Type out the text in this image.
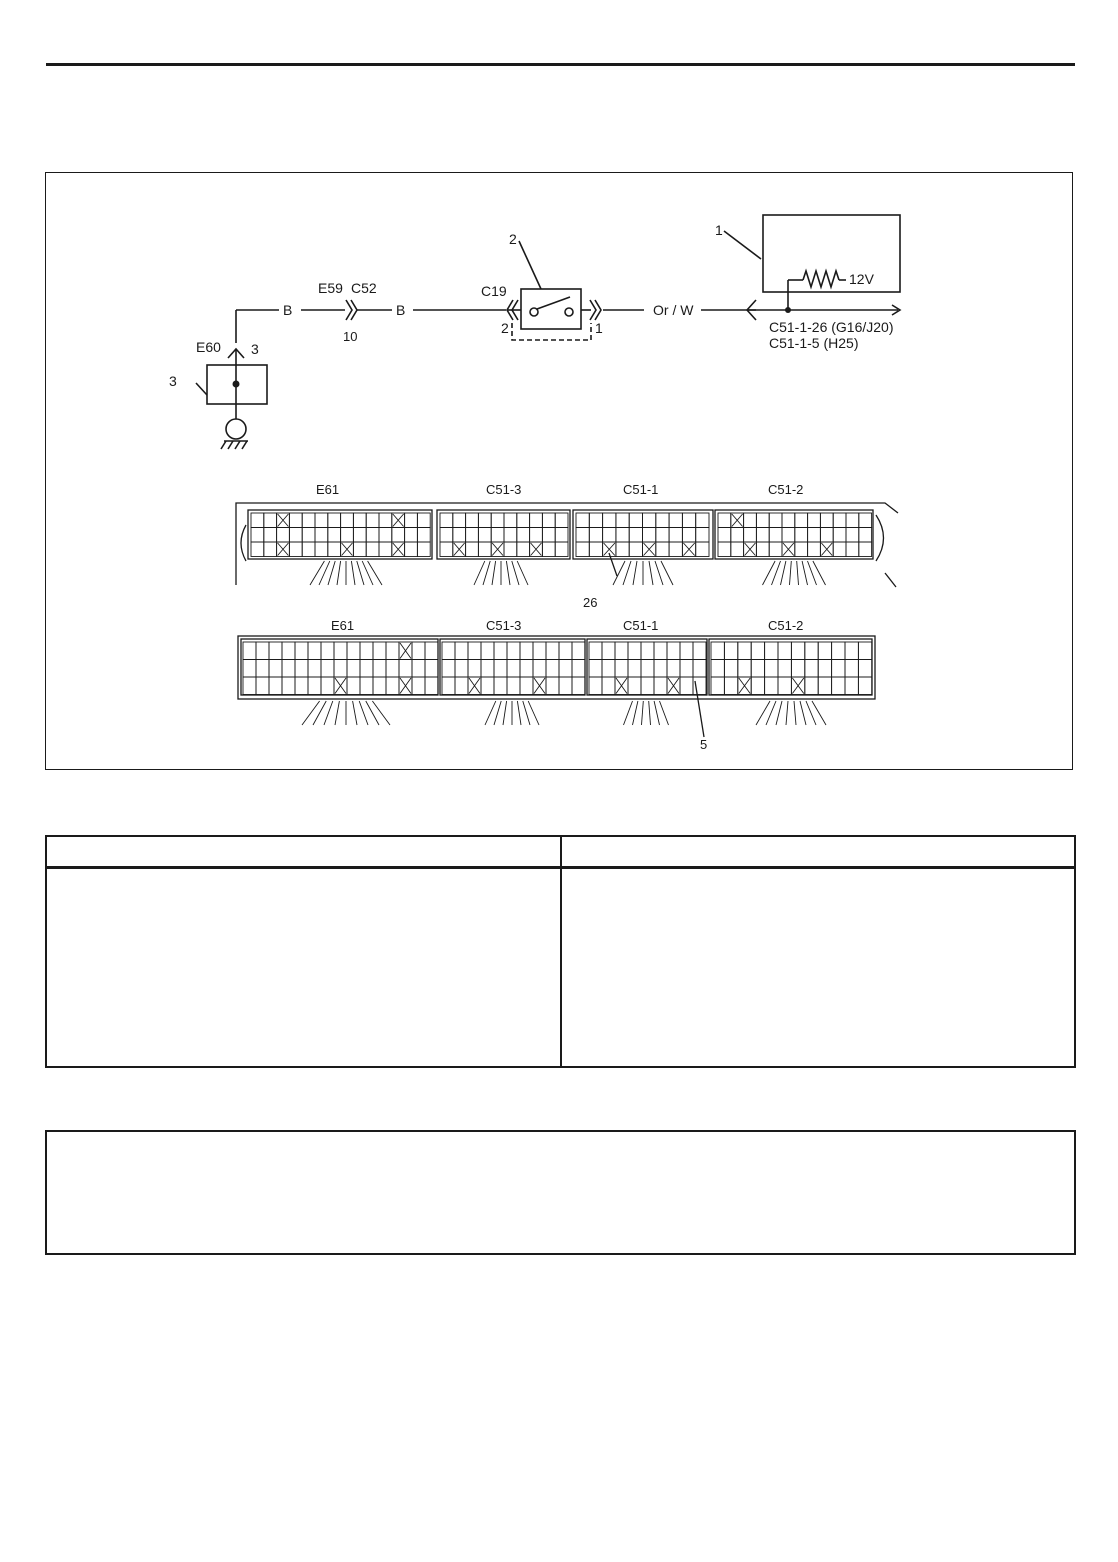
1
2
3
E60 3
B
E59 C52
10
B
C19
2	1
Or / W
12V
C51-1-26 (G16/J20)
C51-1-5 (H25)
E61	C51-3	C51-1	C51-2
26
E61	C51-3	C51-1	C51-2
5
